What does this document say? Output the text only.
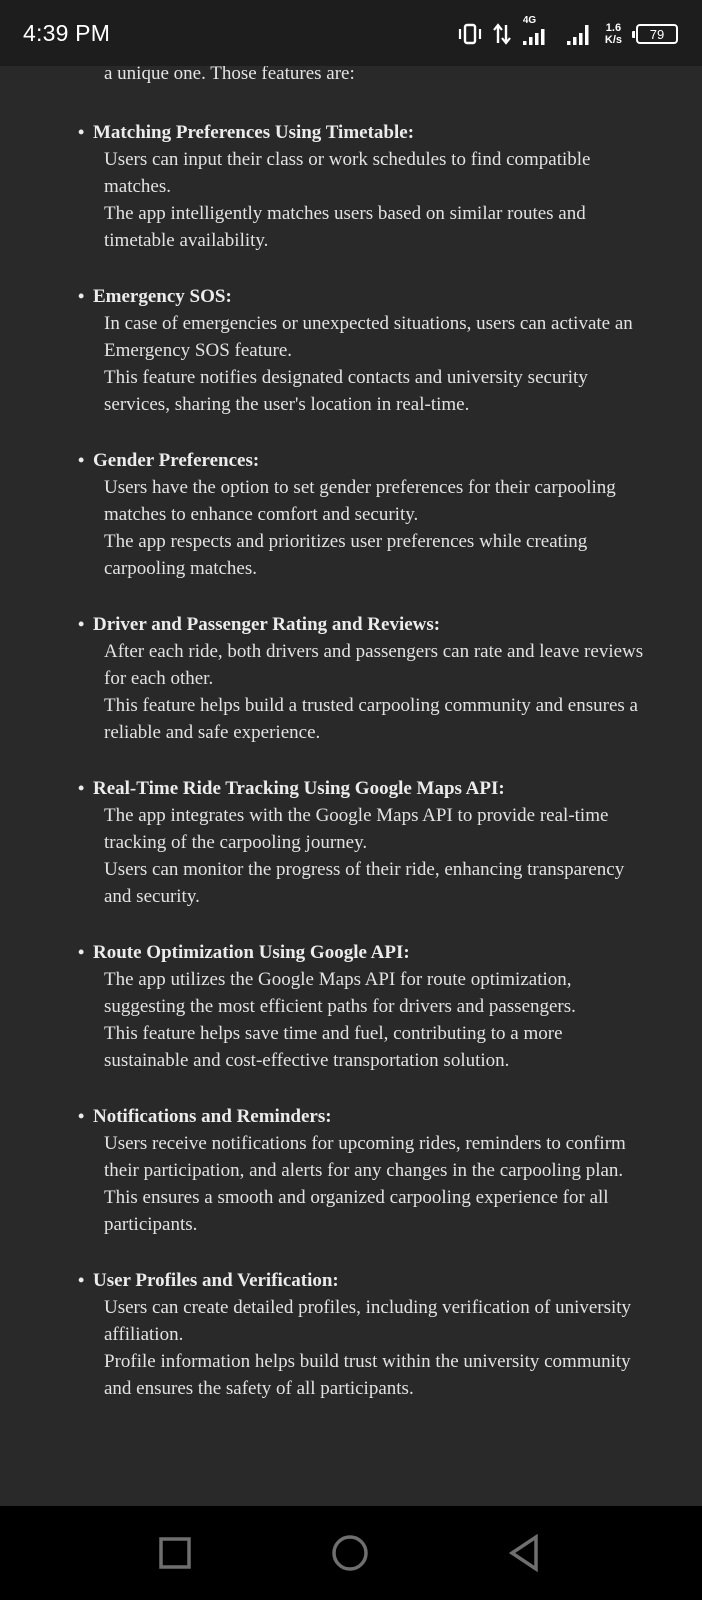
4:39 PM	4G
1.6
K/s 79

a unique one. Those features are:

• Matching Preferences Using Timetable:

Users can input their class or work schedules to find compatible matches.

The app intelligently matches users based on similar routes and timetable availability.

• Emergency SOS:

In case of emergencies or unexpected situations, users can activate an Emergency SOS feature.

This feature notifies designated contacts and university security services, sharing the user's location in real-time.

• Gender Preferences:

Users have the option to set gender preferences for their carpooling matches to enhance comfort and security.

The app respects and prioritizes user preferences while creating carpooling matches.

• Driver and Passenger Rating and Reviews:

After each ride, both drivers and passengers can rate and leave reviews for each other.

This feature helps build a trusted carpooling community and ensures a reliable and safe experience.

• Real-Time Ride Tracking Using Google Maps API:

The app integrates with the Google Maps API to provide real-time tracking of the carpooling journey.

Users can monitor the progress of their ride, enhancing transparency and security.

• Route Optimization Using Google API:

The app utilizes the Google Maps API for route optimization, suggesting the most efficient paths for drivers and passengers.

This feature helps save time and fuel, contributing to a more sustainable and cost-effective transportation solution.

• Notifications and Reminders:

Users receive notifications for upcoming rides, reminders to confirm their participation, and alerts for any changes in the carpooling plan.

This ensures a smooth and organized carpooling experience for all participants.

• User Profiles and Verification:

Users can create detailed profiles, including verification of university affiliation.

Profile information helps build trust within the university community and ensures the safety of all participants.
